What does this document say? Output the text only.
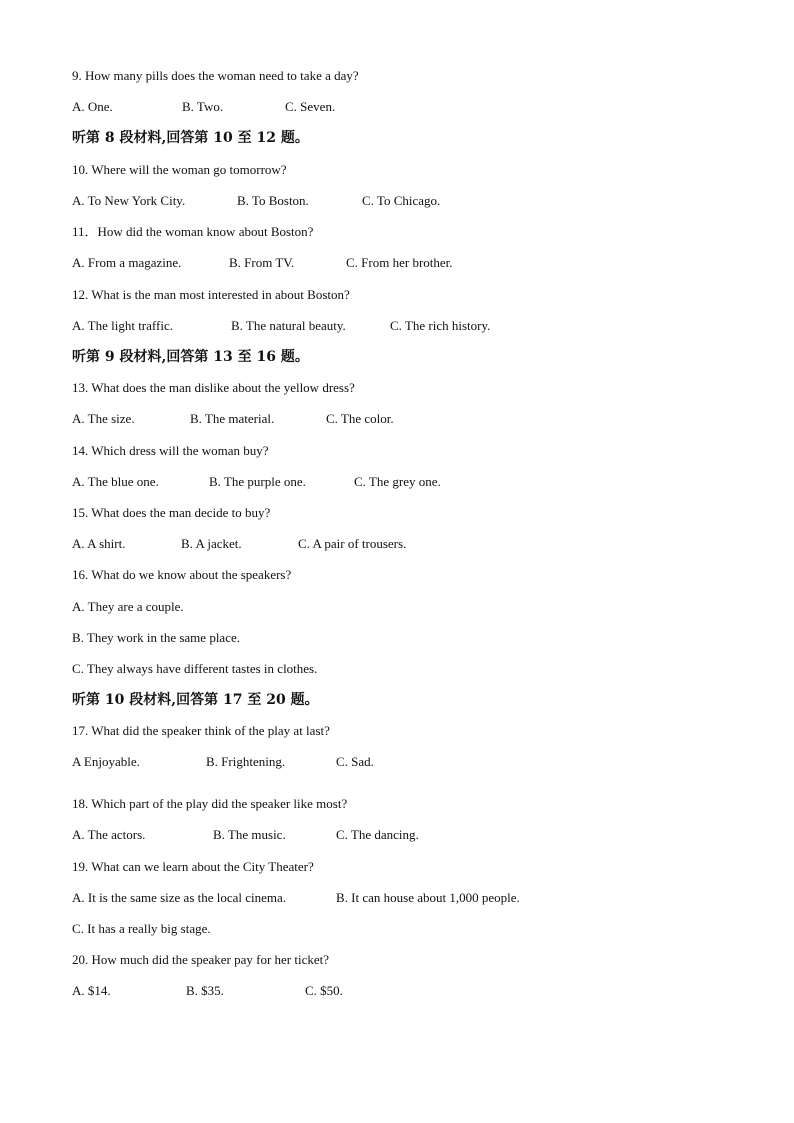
9. How many pills does the woman need to take a day?
A. One.	B. Two.	C. Seven.
听第 8 段材料,回答第 10 至 12 题。
10. Where will the woman go tomorrow?
A. To New York City.	B. To Boston.	C. To Chicago.
11．How did the woman know about Boston?
A. From a magazine.	B. From TV.	C. From her brother.
12. What is the man most interested in about Boston?
A. The light traffic.	B. The natural beauty.	C. The rich history.
听第 9 段材料,回答第 13 至 16 题。
13. What does the man dislike about the yellow dress?
A. The size.	B. The material.	C. The color.
14. Which dress will the woman buy?
A. The blue one.	B. The purple one.	C. The grey one.
15. What does the man decide to buy?
A. A shirt.	B. A jacket.	C. A pair of trousers.
16. What do we know about the speakers?
A. They are a couple.
B. They work in the same place.
C. They always have different tastes in clothes.
听第 10 段材料,回答第 17 至 20 题。
17. What did the speaker think of the play at last?
A Enjoyable.	B. Frightening.	C. Sad.
18. Which part of the play did the speaker like most?
A. The actors.	B. The music.	C. The dancing.
19. What can we learn about the City Theater?
A. It is the same size as the local cinema.	B. It can house about 1,000 people.
C. It has a really big stage.
20. How much did the speaker pay for her ticket?
A. $14.	B. $35.	C. $50.
